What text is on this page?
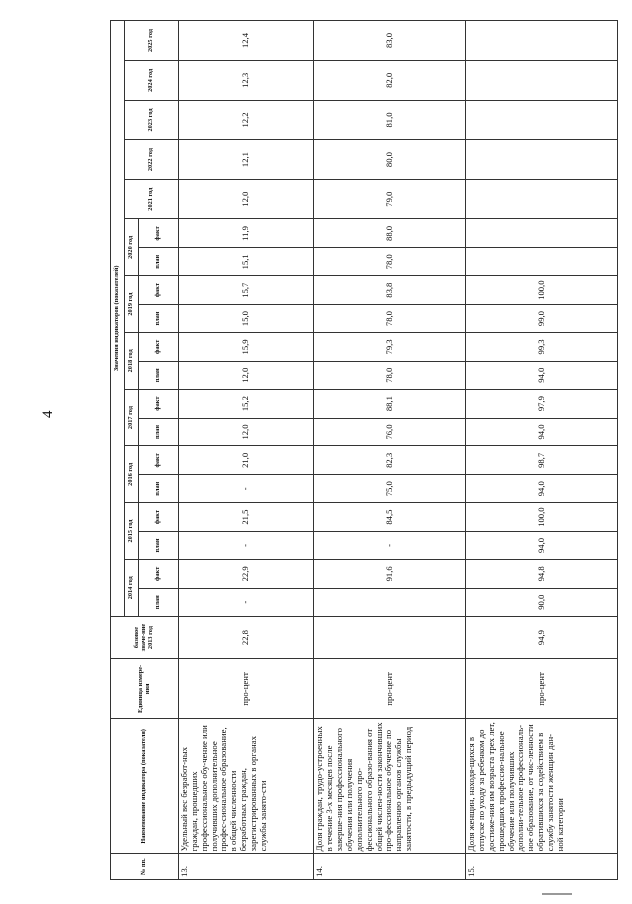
4
№ пп.	Наименование индикатора (показателя)	Единица измере-ния	базовое значе-ние 2013 год	Значения индикаторов (показателей)																		
				2014 год		2015 год		2016 год		2017 год		2018 год		2019 год		2020 год		2021 год	2022 год	2023 год	2024 год	2025 год
				план	факт	план	факт	план	факт	план	факт	план	факт	план	факт	план	факт					
13.	Удельный вес безработ-ных граждан, прошедших профессиональное обу-чение или получивших дополнительное профес-сиональное образование, в общей численности безработных граждан, зарегистрированных в органах службы занято-сти	про-цент	22,8	-	22,9	-	21,5	-	21,0	12,0	15,2	12,0	15,9	15,0	15,7	15,1	11,9	12,0	12,1	12,2	12,3	12,4
14.	Доля граждан, трудо-устроенных в течение 3-х месяцев после заверше-ния профессионального обучения или получения дополнительного про-фессионального образо-вания от общей числен-ности закончивших про-фессиональное обучение по направлению органов службы занятости, в предыдущий период	про-цент			91,6	-	84,5	75,0	82,3	76,0	88,1	78,0	79,3	78,0	83,8	78,0	88,0	79,0	80,0	81,0	82,0	83,0
15.	Доля женщин, находя-щихся в отпуске по уходу за ребенком до достиже-ния им возраста трех лет, прошедших профессио-нальное обучение или получивших дополни-тельное профессиональ-ное образование, от чис-ленности обратившихся за содействием в службу занятости женщин дан-ной категории	про-цент	94,9	90,0	94,8	94,0	100,0	94,0	98,7	94,0	97,9	94,0	99,3	99,0	100,0							
